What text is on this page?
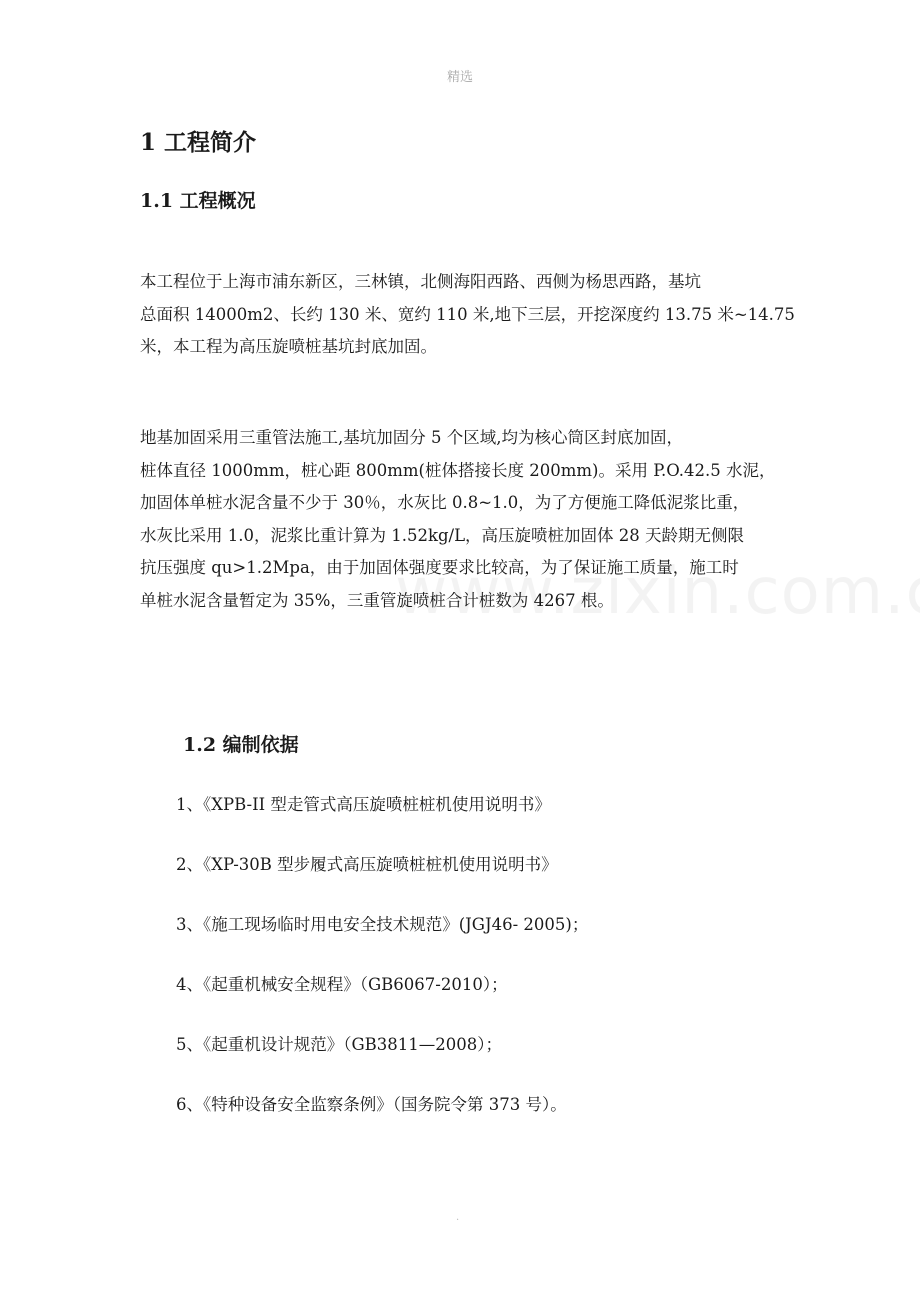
精选
1 工程简介
1.1 工程概况
本工程位于上海市浦东新区，三林镇，北侧海阳西路、西侧为杨思西路，基坑
总面积 14000m2、长约 130 米、宽约 110 米,地下三层，开挖深度约 13.75 米~14.75
米，本工程为高压旋喷桩基坑封底加固。
地基加固采用三重管法施工,基坑加固分 5 个区域,均为核心筒区封底加固，
桩体直径 1000mm，桩心距 800mm(桩体搭接长度 200mm)。采用 P.O.42.5 水泥，
加固体单桩水泥含量不少于 30％，水灰比 0.8~1.0，为了方便施工降低泥浆比重，
水灰比采用 1.0，泥浆比重计算为 1.52kg/L，高压旋喷桩加固体 28 天龄期无侧限
抗压强度 qu>1.2Mpa，由于加固体强度要求比较高，为了保证施工质量，施工时
单桩水泥含量暂定为 35%，三重管旋喷桩合计桩数为 4267 根。
1.2 编制依据
1、《XPB-II 型走管式高压旋喷桩桩机使用说明书》
2、《XP-30B 型步履式高压旋喷桩桩机使用说明书》
3、《施工现场临时用电安全技术规范》(JGJ46- 2005)；
4、《起重机械安全规程》（GB6067-2010）；
5、《起重机设计规范》（GB3811—2008）；
6、《特种设备安全监察条例》（国务院令第 373 号）。
.
